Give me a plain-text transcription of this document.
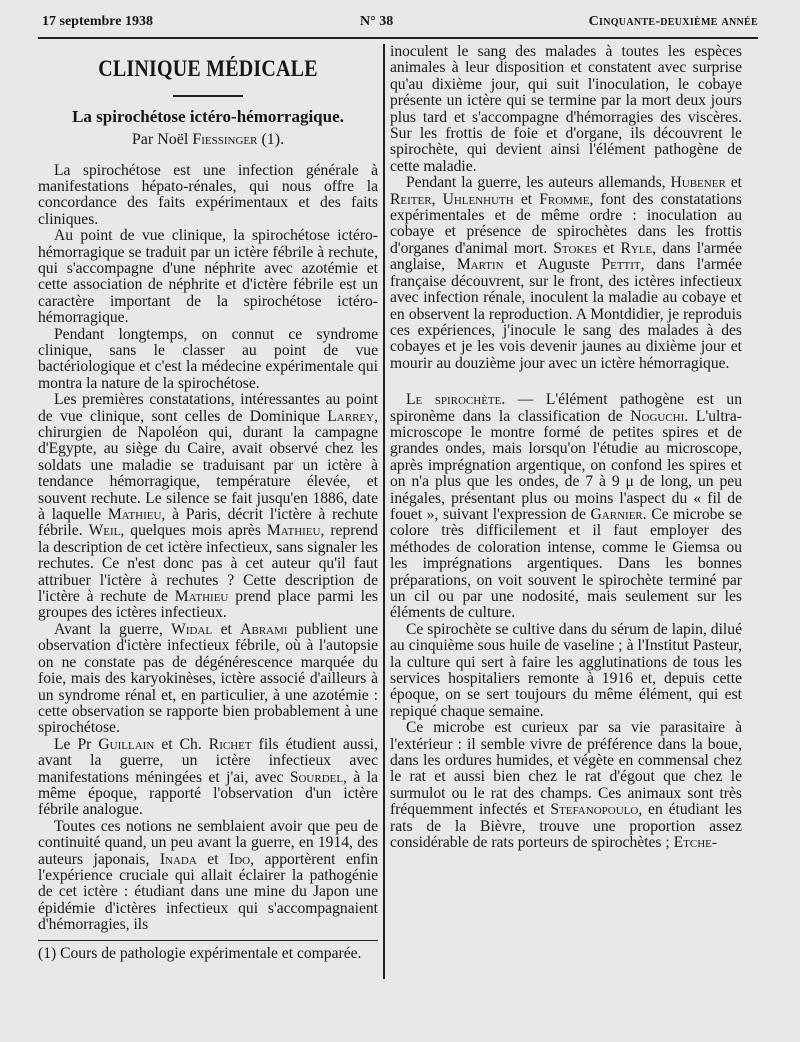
17 septembre 1938	N° 38	Cinquante-deuxième année
CLINIQUE MÉDICALE
La spirochétose ictéro-hémorragique.
Par Noël Fiessinger (1).

La spirochétose est une infection générale à manifestations hépato-rénales, qui nous offre la concordance des faits expérimentaux et des faits cliniques.

Au point de vue clinique, la spirochétose ictéro-hémorragique se traduit par un ictère fébrile à rechute, qui s'accompagne d'une néphrite avec azotémie et cette association de néphrite et d'ictère fébrile est un caractère important de la spirochétose ictéro-hémorragique.

Pendant longtemps, on connut ce syndrome clinique, sans le classer au point de vue bactériologique et c'est la médecine expérimentale qui montra la nature de la spirochétose.

Les premières constatations, intéressantes au point de vue clinique, sont celles de Dominique Larrey, chirurgien de Napoléon qui, durant la campagne d'Egypte, au siège du Caire, avait observé chez les soldats une maladie se traduisant par un ictère à tendance hémorragique, température élevée, et souvent rechute. Le silence se fait jusqu'en 1886, date à laquelle Mathieu, à Paris, décrit l'ictère à rechute fébrile. Weil, quelques mois après Mathieu, reprend la description de cet ictère infectieux, sans signaler les rechutes. Ce n'est donc pas à cet auteur qu'il faut attribuer l'ictère à rechutes ? Cette description de l'ictère à rechute de Mathieu prend place parmi les groupes des ictères infectieux.

Avant la guerre, Widal et Abrami publient une observation d'ictère infectieux fébrile, où à l'autopsie on ne constate pas de dégénérescence marquée du foie, mais des karyokinèses, ictère associé d'ailleurs à un syndrome rénal et, en particulier, à une azotémie : cette observation se rapporte bien probablement à une spirochétose.

Le Pr Guillain et Ch. Richet fils étudient aussi, avant la guerre, un ictère infectieux avec manifestations méningées et j'ai, avec Sourdel, à la même époque, rapporté l'observation d'un ictère fébrile analogue.

Toutes ces notions ne semblaient avoir que peu de continuité quand, un peu avant la guerre, en 1914, des auteurs japonais, Inada et Ido, apportèrent enfin l'expérience cruciale qui allait éclairer la pathogénie de cet ictère : étudiant dans une mine du Japon une épidémie d'ictères infectieux qui s'accompagnaient d'hémorragies, ils

(1) Cours de pathologie expérimentale et comparée.

inoculent le sang des malades à toutes les espèces animales à leur disposition et constatent avec surprise qu'au dixième jour, qui suit l'inoculation, le cobaye présente un ictère qui se termine par la mort deux jours plus tard et s'accompagne d'hémorragies des viscères. Sur les frottis de foie et d'organe, ils découvrent le spirochète, qui devient ainsi l'élément pathogène de cette maladie.

Pendant la guerre, les auteurs allemands, Hubener et Reiter, Uhlenhuth et Fromme, font des constatations expérimentales et de même ordre : inoculation au cobaye et présence de spirochètes dans les frottis d'organes d'animal mort. Stokes et Ryle, dans l'armée anglaise, Martin et Auguste Pettit, dans l'armée française découvrent, sur le front, des ictères infectieux avec infection rénale, inoculent la maladie au cobaye et en observent la reproduction. A Montdidier, je reproduis ces expériences, j'inocule le sang des malades à des cobayes et je les vois devenir jaunes au dixième jour et mourir au douzième jour avec un ictère hémorragique.

Le spirochète. — L'élément pathogène est un spironème dans la classification de Noguchi. L'ultra-microscope le montre formé de petites spires et de grandes ondes, mais lorsqu'on l'étudie au microscope, après imprégnation argentique, on confond les spires et on n'a plus que les ondes, de 7 à 9 μ de long, un peu inégales, présentant plus ou moins l'aspect du « fil de fouet », suivant l'expression de Garnier. Ce microbe se colore très difficilement et il faut employer des méthodes de coloration intense, comme le Giemsa ou les imprégnations argentiques. Dans les bonnes préparations, on voit souvent le spirochète terminé par un cil ou par une nodosité, mais seulement sur les éléments de culture.

Ce spirochète se cultive dans du sérum de lapin, dilué au cinquième sous huile de vaseline ; à l'Institut Pasteur, la culture qui sert à faire les agglutinations de tous les services hospitaliers remonte à 1916 et, depuis cette époque, on se sert toujours du même élément, qui est repiqué chaque semaine.

Ce microbe est curieux par sa vie parasitaire à l'extérieur : il semble vivre de préférence dans la boue, dans les ordures humides, et végète en commensal chez le rat et aussi bien chez le rat d'égout que chez le surmulot ou le rat des champs. Ces animaux sont très fréquemment infectés et Stefanopoulo, en étudiant les rats de la Bièvre, trouve une proportion assez considérable de rats porteurs de spirochètes ; Etche-
